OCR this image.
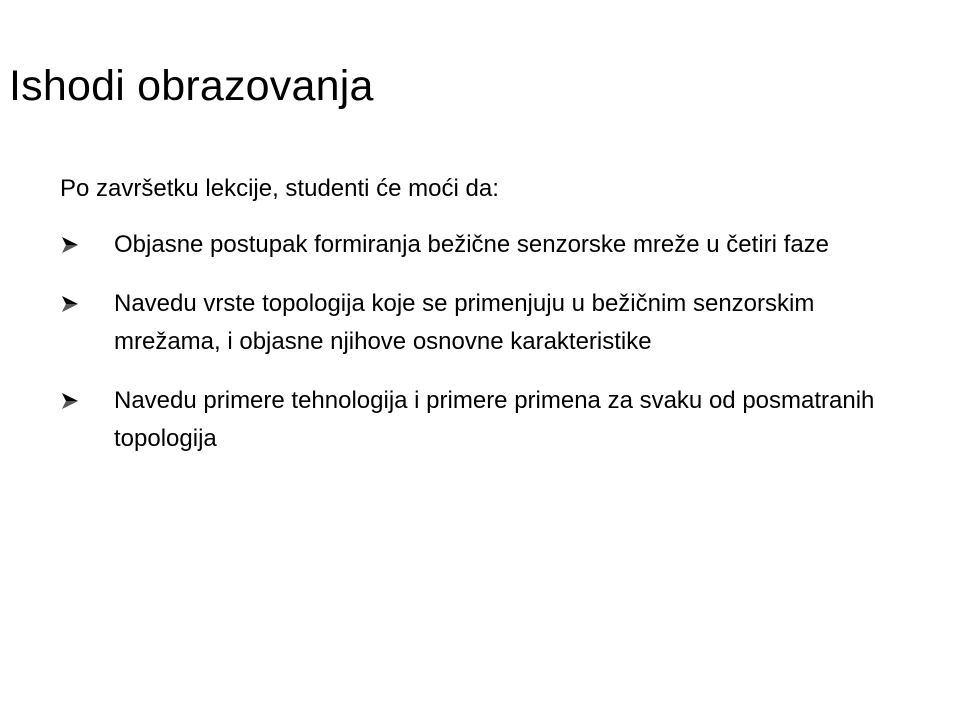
Ishodi obrazovanja

Po završetku lekcije, studenti će moći da:

Objasne postupak formiranja bežične senzorske mreže u četiri faze
Navedu vrste topologija koje se primenjuju u bežičnim senzorskim mrežama, i objasne njihove osnovne karakteristike
Navedu primere tehnologija i primere primena za svaku od posmatranih topologija
